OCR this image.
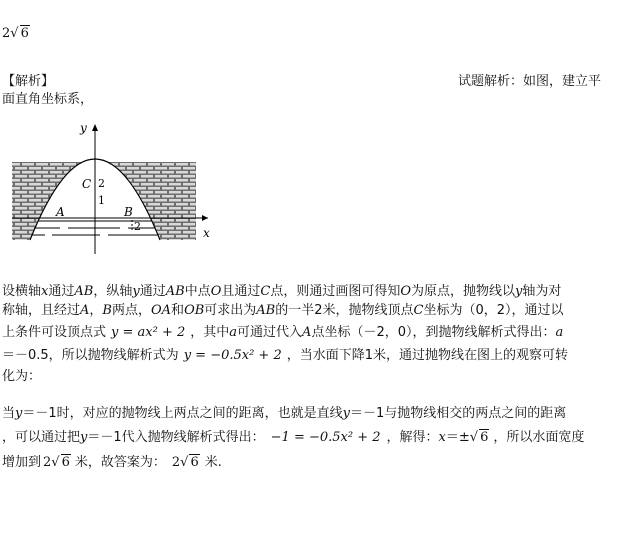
2√ 6
【解析】	试题解析：如图，建立平
面直角坐标系，
y
x
C 2
1
A	B
2

设横轴x通过AB，纵轴y通过AB中点O且通过C点，则通过画图可得知O为原点，抛物线以y轴为对

称轴，且经过A，B两点，OA和OB可求出为AB的一半2米，抛物线顶点C坐标为（0，2），通过以

上条件可设顶点式 y = ax² + 2 ，其中a可通过代入A点坐标（－2，0），到抛物线解析式得出：a

＝－0.5，所以抛物线解析式为 y = −0.5x² + 2 ，当水面下降1米，通过抛物线在图上的观察可转

化为：

当y＝－1时，对应的抛物线上两点之间的距离，也就是直线y＝－1与抛物线相交的两点之间的距离

，可以通过把y＝－1代入抛物线解析式得出： −1 = −0.5x² + 2 ，解得：x＝±√ 6 ，所以水面宽度

增加到 2√ 6 米，故答案为： 2√ 6 米.
